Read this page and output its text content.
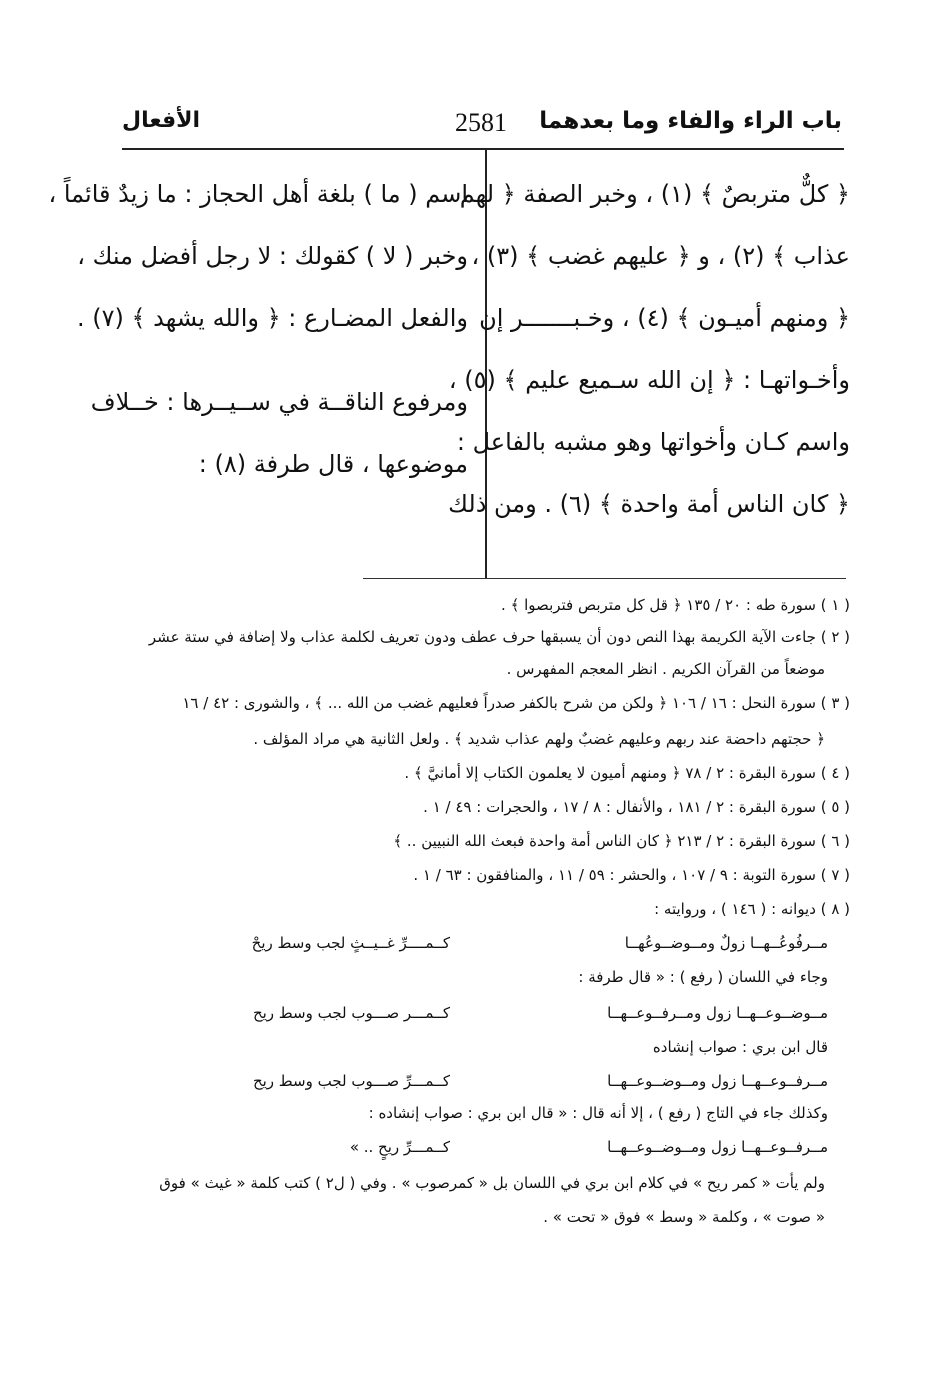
باب الراء والفاء وما بعدهما
2581
الأفعال
﴿ كلٌّ متربصٌ ﴾ (١) ، وخبر الصفة ﴿ لهم
عذاب ﴾ (٢) ، و ﴿ عليهم غضب ﴾ (٣) ،
﴿ ومنهم أميـون ﴾ (٤) ، وخـبـــــــر إن
وأخـواتهـا : ﴿ إن الله سـميع عليم ﴾ (٥) ،
واسم كـان وأخواتها وهو مشبه بالفاعل :
﴿ كان الناس أمة واحدة ﴾ (٦) . ومن ذلك
اسم ( ما ) بلغة أهل الحجاز : ما زيدٌ قائماً ،
وخبر ( لا ) كقولك : لا رجل أفضل منك ،
والفعل المضـارع : ﴿ والله يشهد ﴾ (٧) .
ومرفوع الناقــة في ســيــرها : خــلاف
موضوعها ، قال طرفة (٨) :
( ١ ) سورة طه : ٢٠ / ١٣٥ ﴿ قل كل متربص فتربصوا ﴾ .
( ٢ ) جاءت الآية الكريمة بهذا النص دون أن يسبقها حرف عطف ودون تعريف لكلمة عذاب ولا إضافة في ستة عشر
موضعاً من القرآن الكريم . انظر المعجم المفهرس .
( ٣ ) سورة النحل : ١٦ / ١٠٦ ﴿ ولكن من شرح بالكفر صدراً فعليهم غضب من الله ... ﴾ ، والشورى : ٤٢ / ١٦
﴿ حجتهم داحضة عند ربهم وعليهم غضبٌ ولهم عذاب شديد ﴾ . ولعل الثانية هي مراد المؤلف .
( ٤ ) سورة البقرة : ٢ / ٧٨ ﴿ ومنهم أميون لا يعلمون الكتاب إلا أمانيَّ ﴾ .
( ٥ ) سورة البقرة : ٢ / ١٨١ ، والأنفال : ٨ / ١٧ ، والحجرات : ٤٩ / ١ .
( ٦ ) سورة البقرة : ٢ / ٢١٣ ﴿ كان الناس أمة واحدة فبعث الله النبيين .. ﴾
( ٧ ) سورة التوبة : ٩ / ١٠٧ ، والحشر : ٥٩ / ١١ ، والمنافقون : ٦٣ / ١ .
( ٨ ) ديوانه : ( ١٤٦ ) ، وروايته :
مــرفُوعُــهــا زولٌ ومــوضــوعُهــا
كــمــــرِّ غــيــثٍ لجب وسط ريحْ
وجاء في اللسان ( رفع ) : « قال طرفة :
مــوضــوعــهــا زول ومــرفــوعــهــا
كــمـــر صـــوب لجب وسط ريح
قال ابن بري : صواب إنشاده
مــرفــوعــهــا زول ومــوضــوعــهــا
كــمـــرِّ صـــوب لجب وسط ريح
وكذلك جاء في التاج ( رفع ) ، إلا أنه قال : « قال ابن بري : صواب إنشاده :
مــرفــوعــهــا زول ومــوضــوعــهــا
كــمـــرِّ ريحٍ .. »
ولم يأت « كمر ريح » في كلام ابن بري في اللسان بل « كمرصوب » . وفي ( ل٢ ) كتب كلمة « غيث » فوق
« صوت » ، وكلمة « وسط » فوق « تحت » .
